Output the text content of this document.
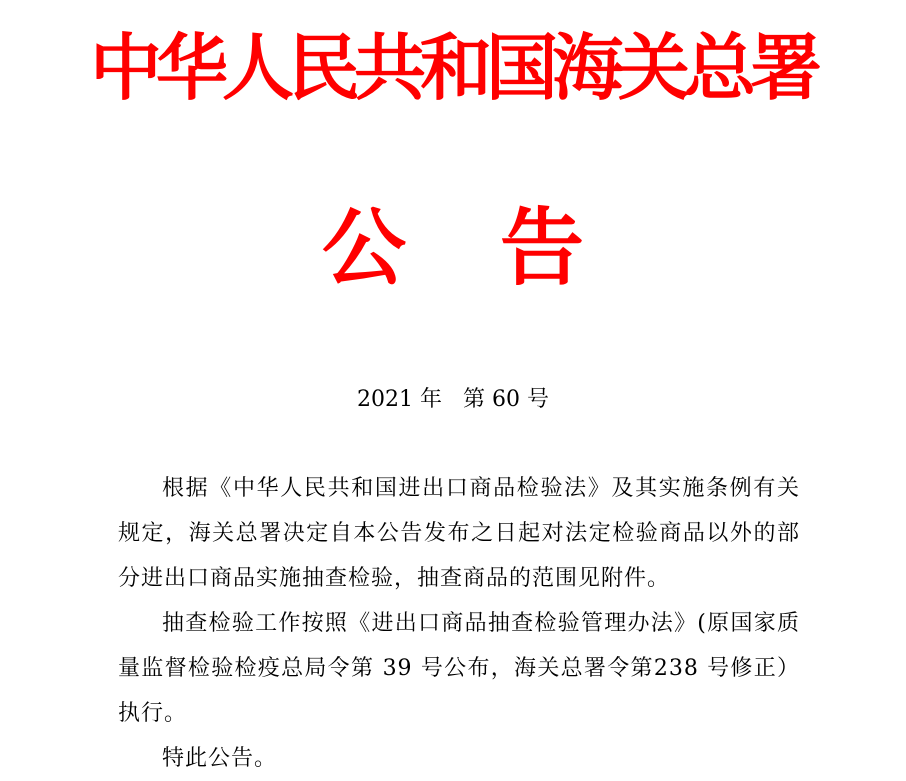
中华人民共和国海关总署
公 告
2021 年   第 60 号

根据《中华人民共和国进出口商品检验法》及其实施条例有关规定，海关总署决定自本公告发布之日起对法定检验商品以外的部分进出口商品实施抽查检验，抽查商品的范围见附件。

抽查检验工作按照《进出口商品抽查检验管理办法》(原国家质量监督检验检疫总局令第 39 号公布，海关总署令第238 号修正）执行。

特此公告。
